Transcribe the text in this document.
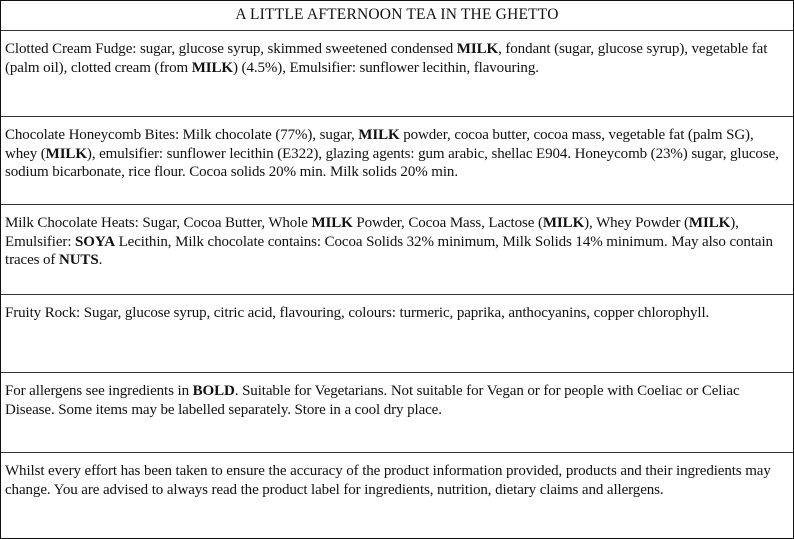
A LITTLE AFTERNOON TEA IN THE GHETTO
Clotted Cream Fudge: sugar, glucose syrup, skimmed sweetened condensed MILK, fondant (sugar, glucose syrup), vegetable fat (palm oil), clotted cream (from MILK) (4.5%), Emulsifier: sunflower lecithin, flavouring.
Chocolate Honeycomb Bites: Milk chocolate (77%), sugar, MILK powder, cocoa butter, cocoa mass, vegetable fat (palm SG), whey (MILK), emulsifier: sunflower lecithin (E322), glazing agents: gum arabic, shellac E904. Honeycomb (23%) sugar, glucose, sodium bicarbonate, rice flour. Cocoa solids 20% min. Milk solids 20% min.
Milk Chocolate Heats: Sugar, Cocoa Butter, Whole MILK Powder, Cocoa Mass, Lactose (MILK), Whey Powder (MILK), Emulsifier: SOYA Lecithin, Milk chocolate contains: Cocoa Solids 32% minimum, Milk Solids 14% minimum. May also contain traces of NUTS.
Fruity Rock: Sugar, glucose syrup, citric acid, flavouring, colours: turmeric, paprika, anthocyanins, copper chlorophyll.
For allergens see ingredients in BOLD. Suitable for Vegetarians. Not suitable for Vegan or for people with Coeliac or Celiac Disease. Some items may be labelled separately. Store in a cool dry place.
Whilst every effort has been taken to ensure the accuracy of the product information provided, products and their ingredients may change. You are advised to always read the product label for ingredients, nutrition, dietary claims and allergens.
